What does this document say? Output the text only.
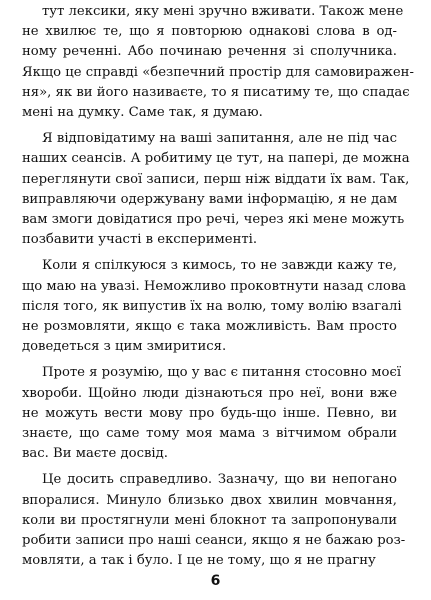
тут лексики, яку мені зручно вживати. Також мене
не хвилює те, що я повторюю однакові слова в од-
ному реченні. Або починаю речення зі сполучника.
Якщо це справді «безпечний простір для самовиражен-
ня», як ви його називаєте, то я писатиму те, що спадає
мені на думку. Саме так, я думаю.
Я відповідатиму на ваші запитання, але не під час
наших сеансів. А робитиму це тут, на папері, де можна
переглянути свої записи, перш ніж віддати їх вам. Так,
виправляючи одержувану вами інформацію, я не дам
вам змоги довідатися про речі, через які мене можуть
позбавити участі в експерименті.
Коли я спілкуюся з кимось, то не завжди кажу те,
що маю на увазі. Неможливо проковтнути назад слова
після того, як випустив їх на волю, тому волію взагалі
не розмовляти, якщо є така можливість. Вам просто
доведеться з цим змиритися.
Проте я розумію, що у вас є питання стосовно моєї
хвороби. Щойно люди дізнаються про неї, вони вже
не можуть вести мову про будь-що інше. Певно, ви
знаєте, що саме тому моя мама з вітчимом обрали
вас. Ви маєте досвід.
Це досить справедливо. Зазначу, що ви непогано
впоралися. Минуло близько двох хвилин мовчання,
коли ви простягнули мені блокнот та запропонували
робити записи про наші сеанси, якщо я не бажаю роз-
мовляти, а так і було. І це не тому, що я не прагну
6
